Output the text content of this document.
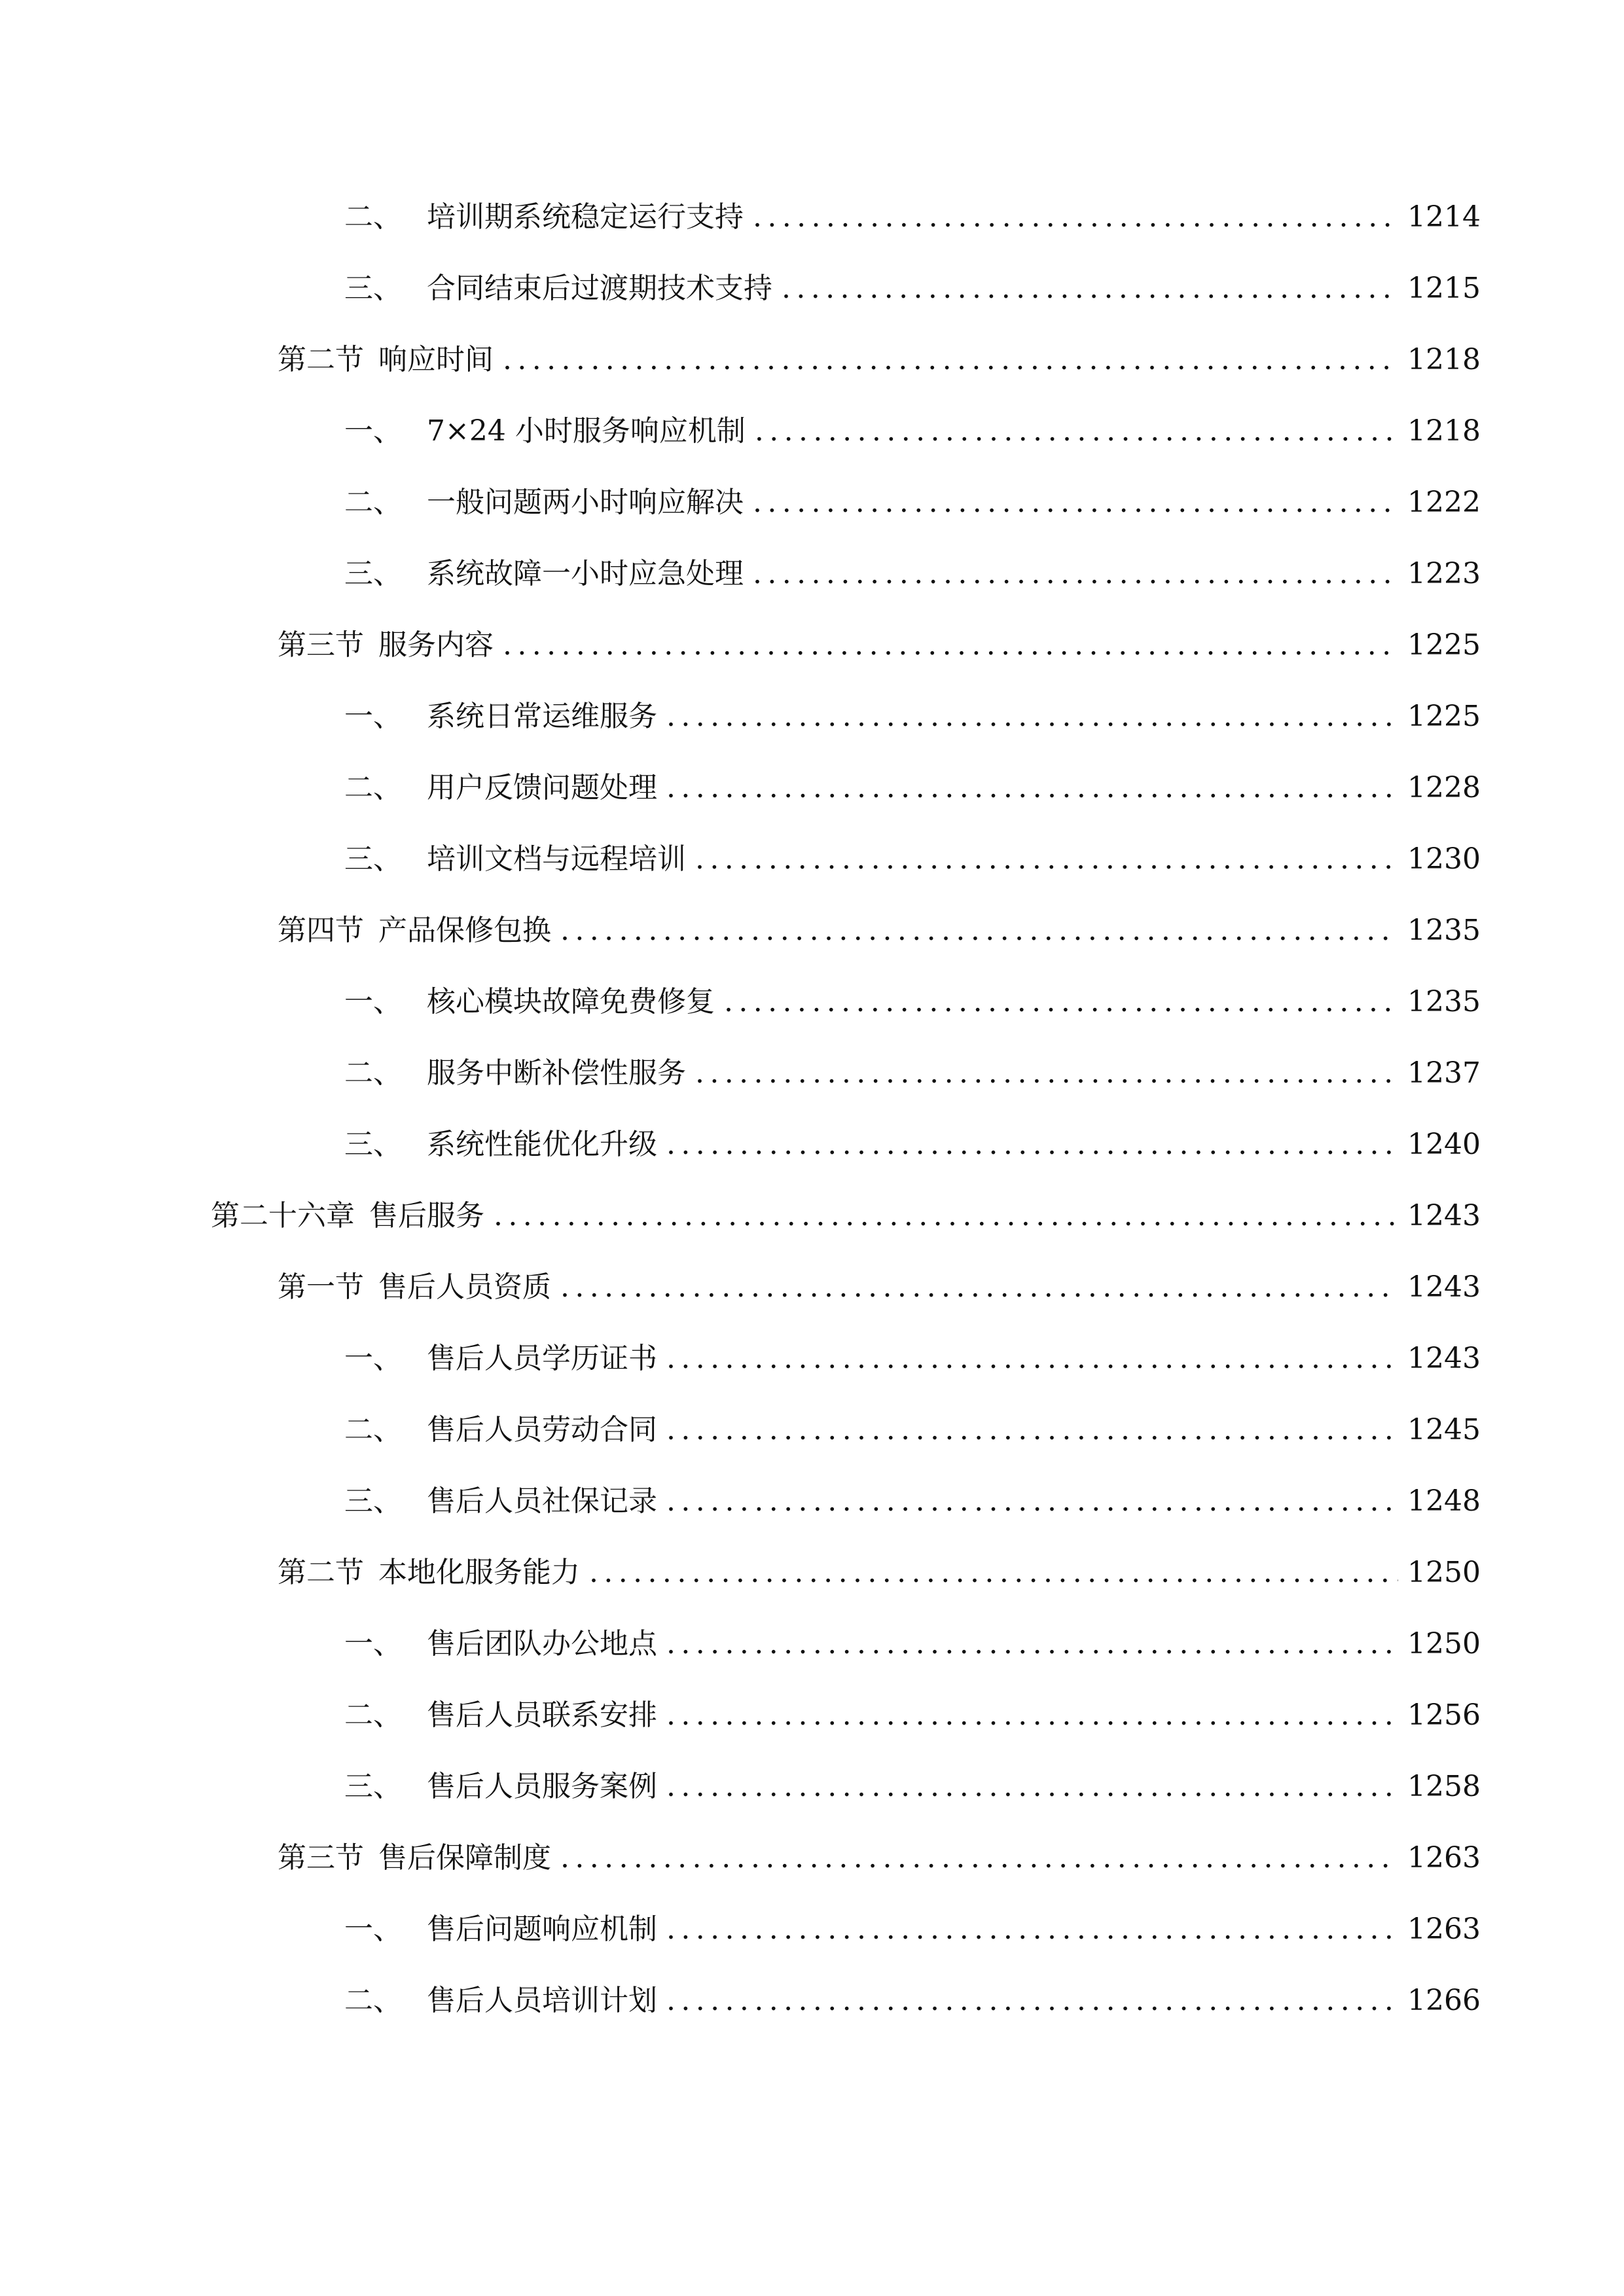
二、 培训期系统稳定运行支持 .....	1214
三、 合同结束后过渡期技术支持 .....	1215
第二节 响应时间 .....	1218
一、 7×24 小时服务响应机制 .....	1218
二、 一般问题两小时响应解决 .....	1222
三、 系统故障一小时应急处理 .....	1223
第三节 服务内容 .....	1225
一、 系统日常运维服务 .....	1225
二、 用户反馈问题处理 .....	1228
三、 培训文档与远程培训 .....	1230
第四节 产品保修包换 .....	1235
一、 核心模块故障免费修复 .....	1235
二、 服务中断补偿性服务 .....	1237
三、 系统性能优化升级 .....	1240
第二十六章 售后服务 .....	1243
第一节 售后人员资质 .....	1243
一、 售后人员学历证书 .....	1243
二、 售后人员劳动合同 .....	1245
三、 售后人员社保记录 .....	1248
第二节 本地化服务能力 .....	1250
一、 售后团队办公地点 .....	1250
二、 售后人员联系安排 .....	1256
三、 售后人员服务案例 .....	1258
第三节 售后保障制度 .....	1263
一、 售后问题响应机制 .....	1263
二、 售后人员培训计划 .....	1266
